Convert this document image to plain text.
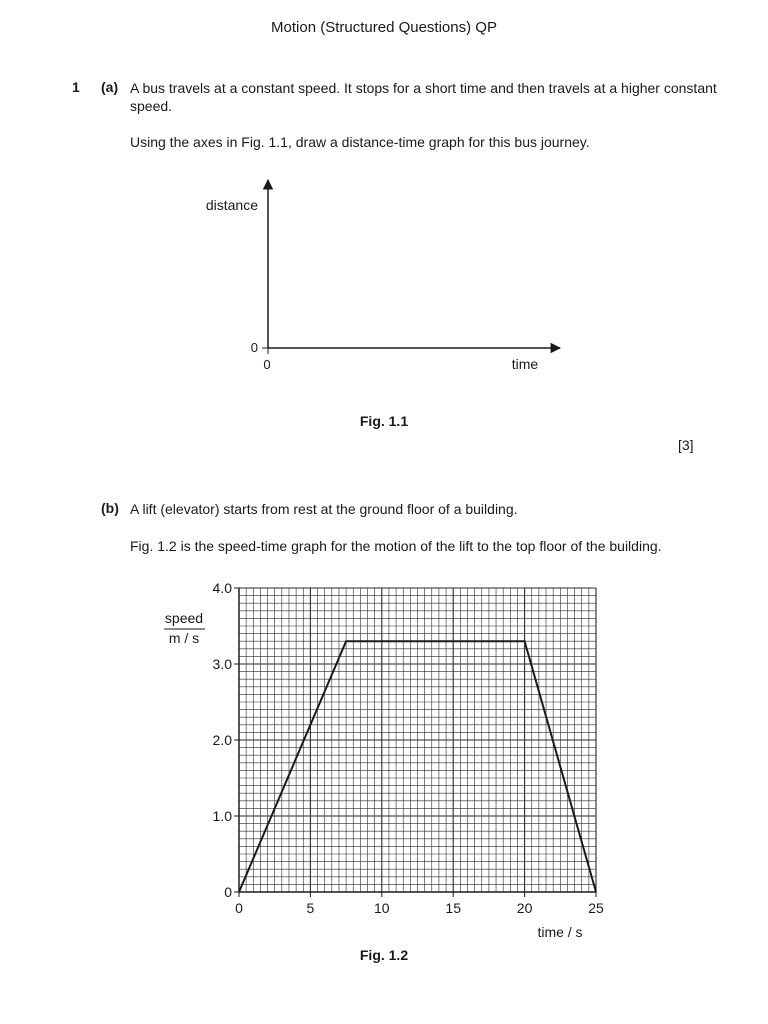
Motion (Structured Questions) QP
1 (a) A bus travels at a constant speed. It stops for a short time and then travels at a higher constant
speed.
Using the axes in Fig. 1.1, draw a distance-time graph for this bus journey.
distance
0
0	time
Fig. 1.1
[3]
(b) A lift (elevator) starts from rest at the ground floor of a building.
Fig. 1.2 is the speed-time graph for the motion of the lift to the top floor of the building.
0	5	10	15	20	25
0
1.0
2.0
3.0
4.0
speed
m / s
time / s
Fig. 1.2
